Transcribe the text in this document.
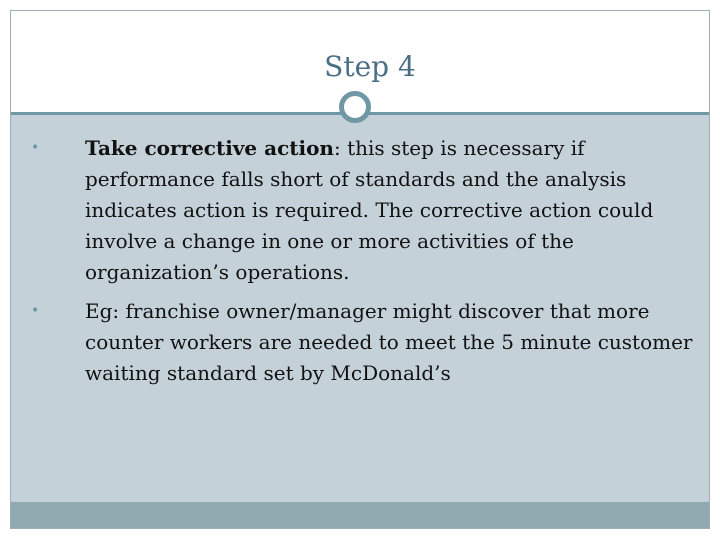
Step 4
• Take corrective action: this step is necessary if performance falls short of standards and the analysis indicates action is required. The corrective action could involve a change in one or more activities of the organization’s operations.
• Eg: franchise owner/manager might discover that more counter workers are needed to meet the 5 minute customer waiting standard set by McDonald’s
